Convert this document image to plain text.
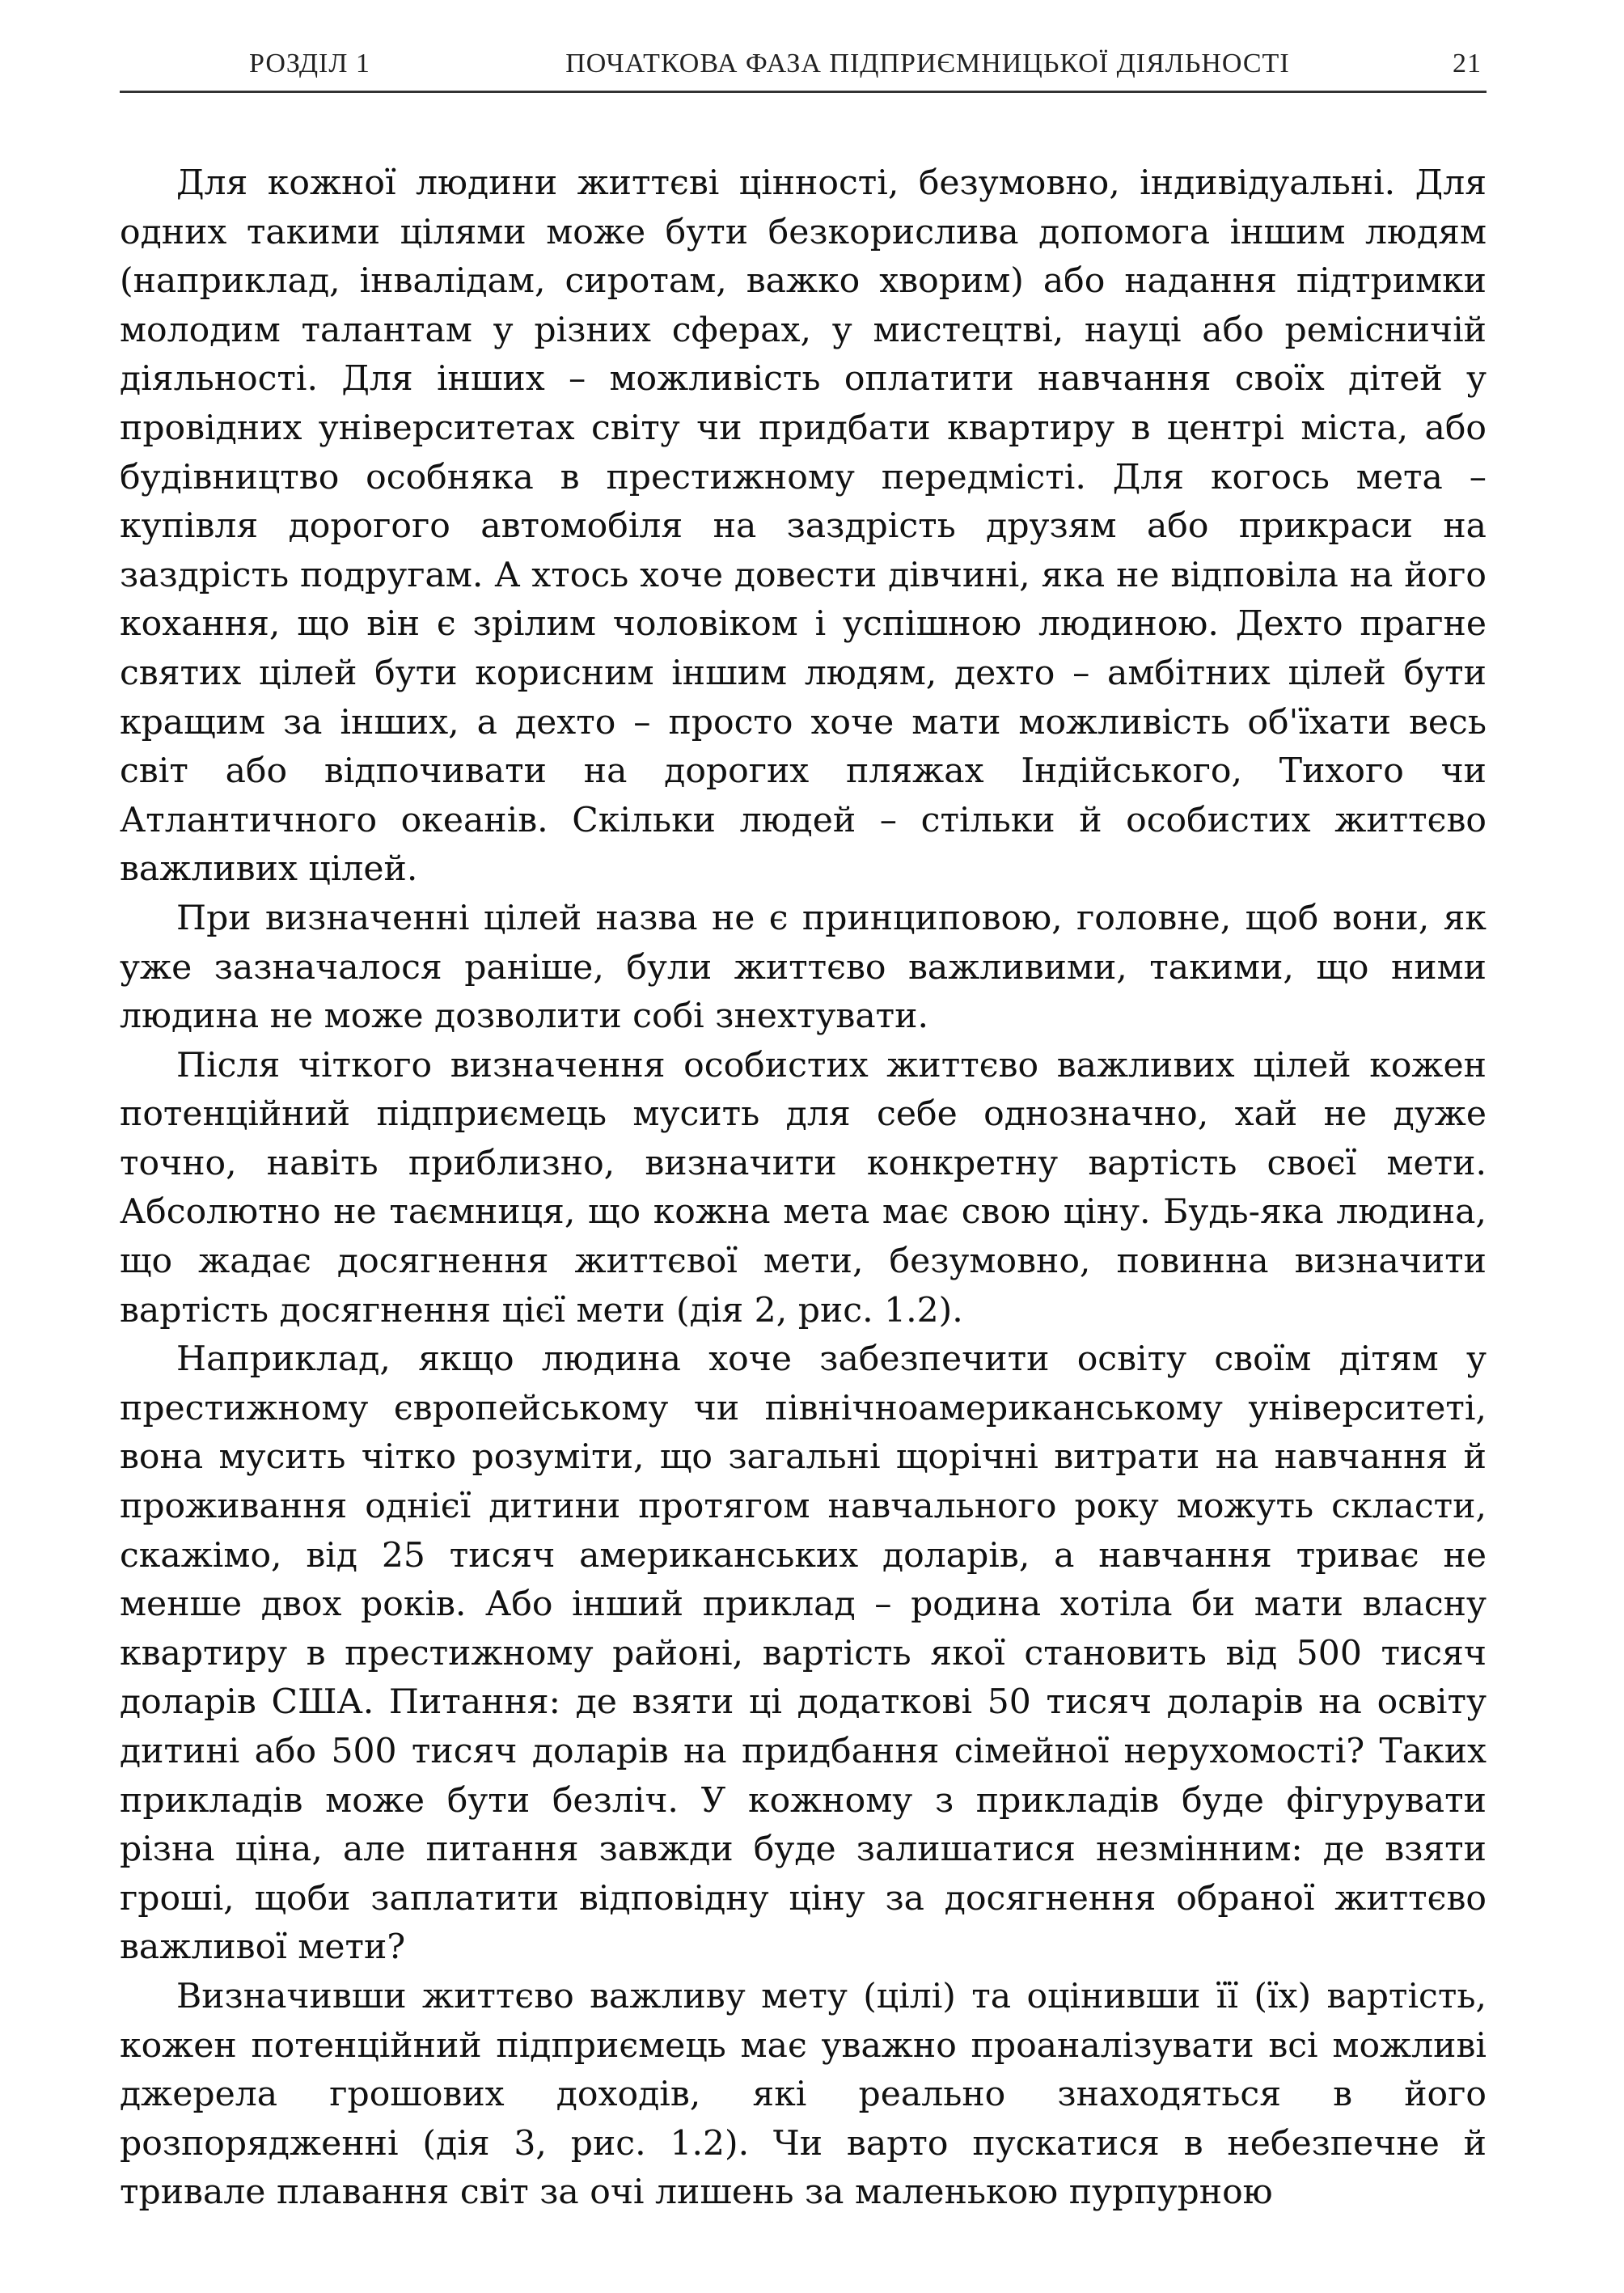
РОЗДІЛ 1	ПОЧАТКОВА ФАЗА ПІДПРИЄМНИЦЬКОЇ ДІЯЛЬНОСТІ	21

Для кожної людини життєві цінності, безумовно, індивідуальні. Для одних такими цілями може бути безкорислива допомога іншим людям (наприклад, інвалідам, сиротам, важко хворим) або надання підтримки молодим талантам у різних сферах, у мистецтві, науці або ремісничій діяльності. Для інших – можливість оплатити навчання своїх дітей у провідних університетах світу чи придбати квартиру в центрі міста, або будівництво особняка в престижному передмісті. Для когось мета – купівля дорогого автомобіля на заздрість друзям або прикраси на заздрість подругам. А хтось хоче довести дівчині, яка не відповіла на його кохання, що він є зрілим чоловіком і успішною людиною. Дехто прагне святих цілей бути корисним іншим людям, дехто – амбітних цілей бути кращим за інших, а дехто – просто хоче мати можливість об'їхати весь світ або відпочивати на дорогих пляжах Індійського, Тихого чи Атлантичного океанів. Скільки людей – стільки й особистих життєво важливих цілей.

При визначенні цілей назва не є принциповою, головне, щоб вони, як уже зазначалося раніше, були життєво важливими, такими, що ними людина не може дозволити собі знехтувати.

Після чіткого визначення особистих життєво важливих цілей кожен потенційний підприємець мусить для себе однозначно, хай не дуже точно, навіть приблизно, визначити конкретну вартість своєї мети. Абсолютно не таємниця, що кожна мета має свою ціну. Будь-яка людина, що жадає досягнення життєвої мети, безумовно, повинна визначити вартість досягнення цієї мети (дія 2, рис. 1.2).

Наприклад, якщо людина хоче забезпечити освіту своїм дітям у престижному європейському чи північноамериканському університеті, вона мусить чітко розуміти, що загальні щорічні витрати на навчання й проживання однієї дитини протягом навчального року можуть скласти, скажімо, від 25 тисяч американських доларів, а навчання триває не менше двох років. Або інший приклад – родина хотіла би мати власну квартиру в престижному районі, вартість якої становить від 500 тисяч доларів США. Питання: де взяти ці додаткові 50 тисяч доларів на освіту дитині або 500 тисяч доларів на придбання сімейної нерухомості? Таких прикладів може бути безліч. У кожному з прикладів буде фігурувати різна ціна, але питання завжди буде залишатися незмінним: де взяти гроші, щоби заплатити відповідну ціну за досягнення обраної життєво важливої мети?

Визначивши життєво важливу мету (цілі) та оцінивши її (їх) вартість, кожен потенційний підприємець має уважно проаналізувати всі можливі джерела грошових доходів, які реально знаходяться в його розпорядженні (дія 3, рис. 1.2). Чи варто пускатися в небезпечне й тривале плавання світ за очі лишень за маленькою пурпурною
